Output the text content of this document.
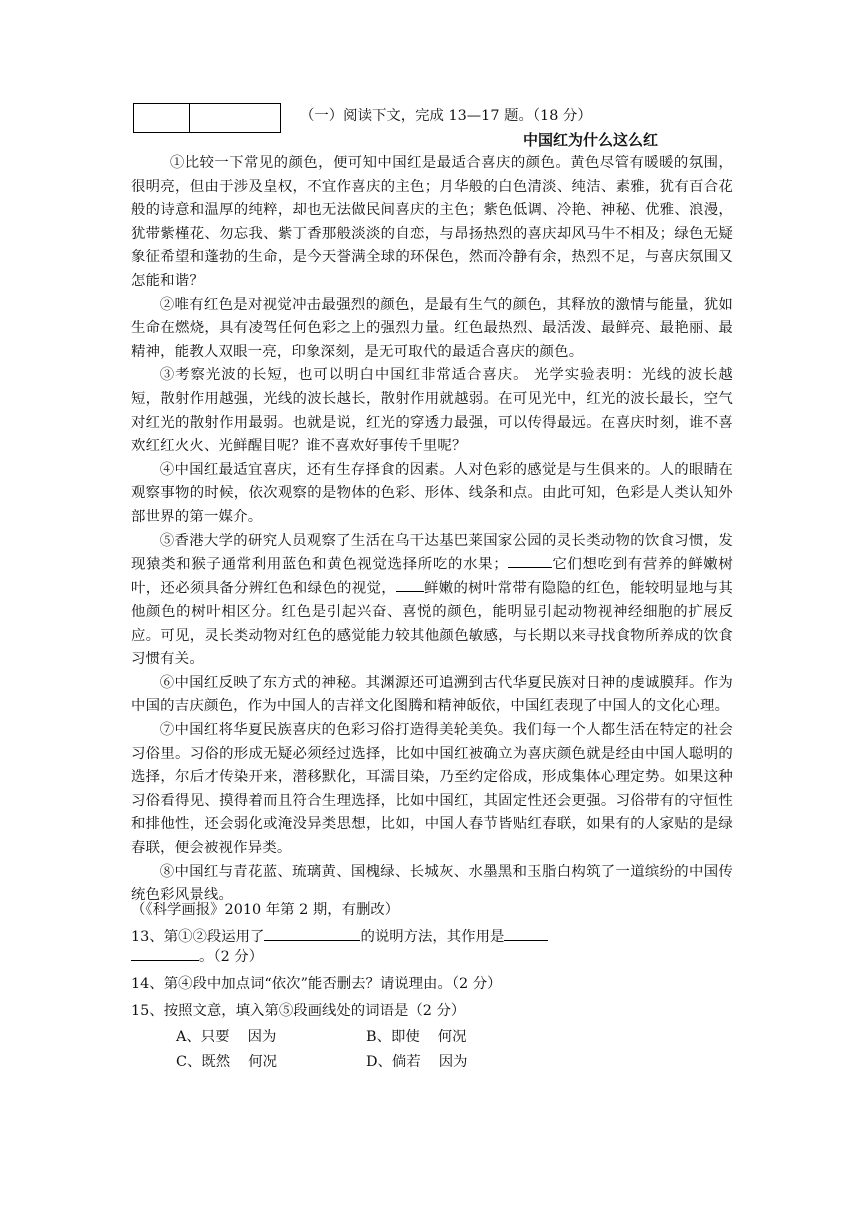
（一）阅读下文，完成 13—17 题。（18 分）
中国红为什么这么红

①比较一下常见的颜色，便可知中国红是最适合喜庆的颜色。黄色尽管有暖暖的氛围，很明亮，但由于涉及皇权，不宜作喜庆的主色；月华般的白色清淡、纯洁、素雅，犹有百合花般的诗意和温厚的纯粹，却也无法做民间喜庆的主色；紫色低调、冷艳、神秘、优雅、浪漫，犹带紫槿花、勿忘我、紫丁香那般淡淡的自恋，与昂扬热烈的喜庆却风马牛不相及；绿色无疑象征希望和蓬勃的生命，是今天誉满全球的环保色，然而冷静有余，热烈不足，与喜庆氛围又怎能和谐？

②唯有红色是对视觉冲击最强烈的颜色，是最有生气的颜色，其释放的激情与能量，犹如生命在燃烧，具有凌驾任何色彩之上的强烈力量。红色最热烈、最活泼、最鲜亮、最艳丽、最精神，能教人双眼一亮，印象深刻，是无可取代的最适合喜庆的颜色。

③考察光波的长短，也可以明白中国红非常适合喜庆。 光学实验表明：光线的波长越短，散射作用越强，光线的波长越长，散射作用就越弱。在可见光中，红光的波长最长，空气对红光的散射作用最弱。也就是说，红光的穿透力最强，可以传得最远。在喜庆时刻，谁不喜欢红红火火、光鲜醒目呢？谁不喜欢好事传千里呢？

④中国红最适宜喜庆，还有生存择食的因素。人对色彩的感觉是与生俱来的。人的眼睛在观察事物的时候，依次观察的是物体的色彩、形体、线条和点。由此可知，色彩是人类认知外部世界的第一媒介。

⑤香港大学的研究人员观察了生活在乌干达基巴莱国家公园的灵长类动物的饮食习惯，发现猿类和猴子通常利用蓝色和黄色视觉选择所吃的水果；	它们想吃到有营养的鲜嫩树叶，还必须具备分辨红色和绿色的视觉， 鲜嫩的树叶常带有隐隐的红色，能较明显地与其他颜色的树叶相区分。红色是引起兴奋、喜悦的颜色，能明显引起动物视神经细胞的扩展反应。可见，灵长类动物对红色的感觉能力较其他颜色敏感，与长期以来寻找食物所养成的饮食习惯有关。

⑥中国红反映了东方式的神秘。其渊源还可追溯到古代华夏民族对日神的虔诚膜拜。作为中国的吉庆颜色，作为中国人的吉祥文化图腾和精神皈依，中国红表现了中国人的文化心理。

⑦中国红将华夏民族喜庆的色彩习俗打造得美轮美奂。我们每一个人都生活在特定的社会习俗里。习俗的形成无疑必须经过选择，比如中国红被确立为喜庆颜色就是经由中国人聪明的选择，尔后才传染开来，潜移默化，耳濡目染，乃至约定俗成，形成集体心理定势。如果这种习俗看得见、摸得着而且符合生理选择，比如中国红，其固定性还会更强。习俗带有的守恒性和排他性，还会弱化或淹没异类思想，比如，中国人春节皆贴红春联，如果有的人家贴的是绿春联，便会被视作异类。

⑧中国红与青花蓝、琉璃黄、国槐绿、长城灰、水墨黑和玉脂白构筑了一道缤纷的中国传统色彩风景线。

（《科学画报》2010 年第 2 期，有删改）
13、第①②段运用了	的说明方法，其作用是
。（2 分）
14、第④段中加点词“依次”能否删去？请说理由。（2 分）
15、按照文意，填入第⑤段画线处的词语是（2 分）
A、只要 因为	B、即使 何况
C、既然 何况	D、倘若 因为
